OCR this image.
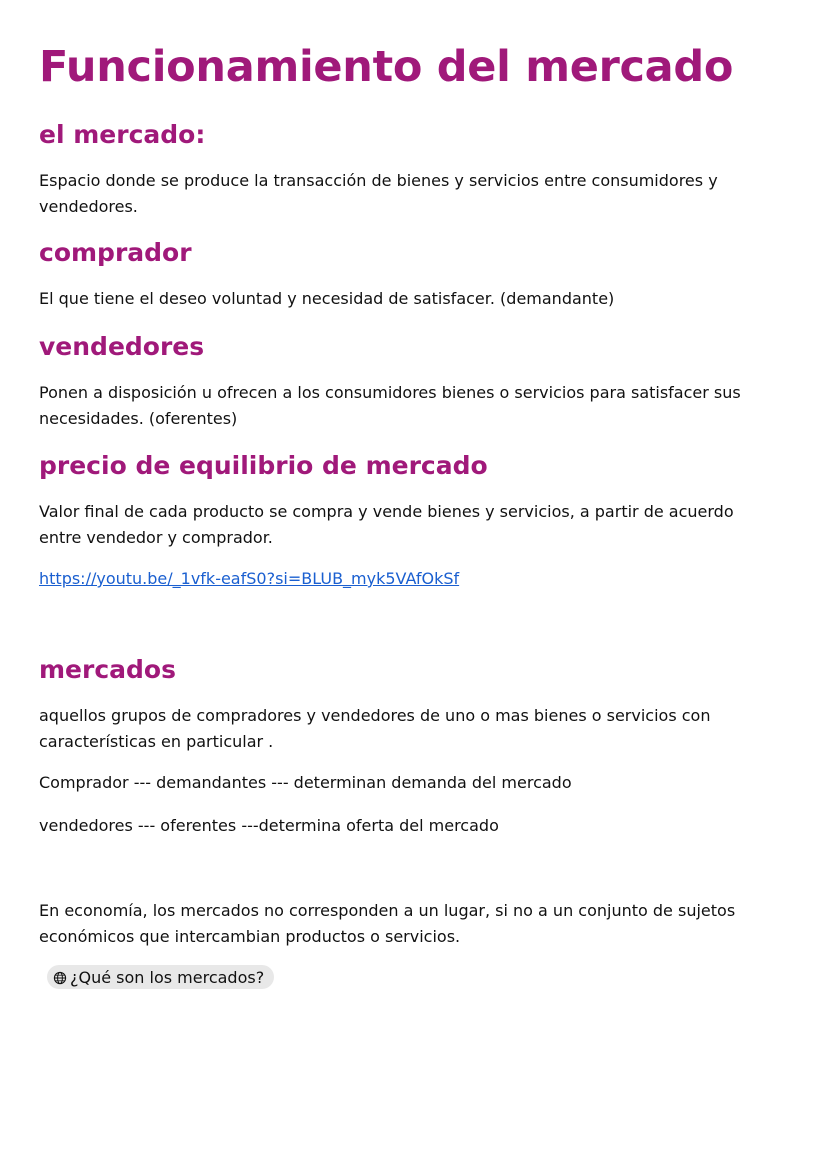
Funcionamiento del mercado
el mercado:

Espacio donde se produce la transacción de bienes y servicios entre consumidores y vendedores.

comprador

El que tiene el deseo voluntad y necesidad de satisfacer. (demandante)

vendedores

Ponen a disposición u ofrecen a los consumidores bienes o servicios para satisfacer sus necesidades. (oferentes)

precio de equilibrio de mercado

Valor final de cada producto se compra y vende bienes y servicios, a partir de acuerdo entre vendedor y comprador.

https://youtu.be/_1vfk-eafS0?si=BLUB_myk5VAfOkSf
mercados

aquellos grupos de compradores y vendedores de uno o mas bienes o servicios con características en particular .

Comprador --- demandantes --- determinan demanda del mercado

vendedores --- oferentes ---determina oferta del mercado

En economía, los mercados no corresponden a un lugar, si no a un conjunto de sujetos económicos que intercambian productos o servicios.

¿Qué son los mercados?
